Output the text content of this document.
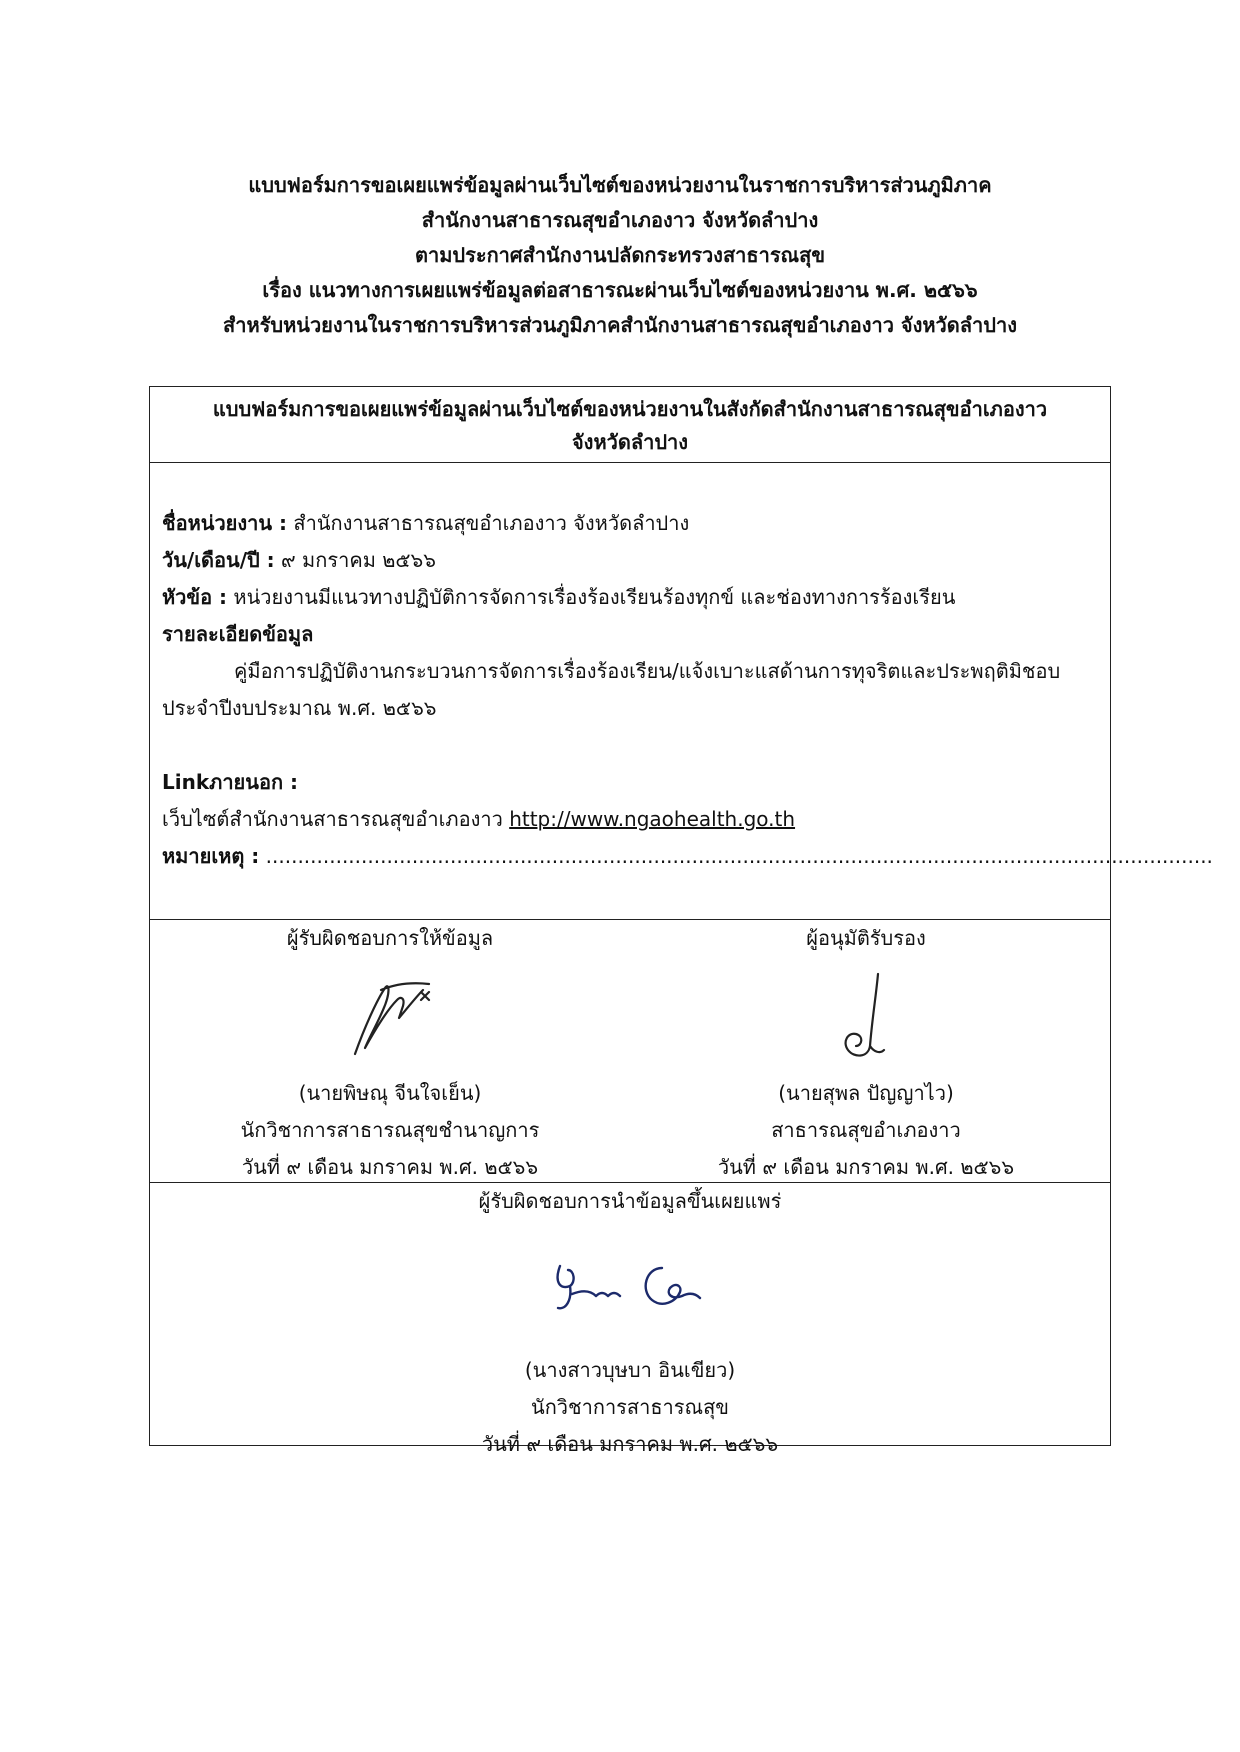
แบบฟอร์มการขอเผยแพร่ข้อมูลผ่านเว็บไซต์ของหน่วยงานในราชการบริหารส่วนภูมิภาค
สำนักงานสาธารณสุขอำเภองาว จังหวัดลำปาง
ตามประกาศสำนักงานปลัดกระทรวงสาธารณสุข
เรื่อง แนวทางการเผยแพร่ข้อมูลต่อสาธารณะผ่านเว็บไซต์ของหน่วยงาน พ.ศ. ๒๕๖๖
สำหรับหน่วยงานในราชการบริหารส่วนภูมิภาคสำนักงานสาธารณสุขอำเภองาว จังหวัดลำปาง
แบบฟอร์มการขอเผยแพร่ข้อมูลผ่านเว็บไซต์ของหน่วยงานในสังกัดสำนักงานสาธารณสุขอำเภองาว
จังหวัดลำปาง
ชื่อหน่วยงาน : สำนักงานสาธารณสุขอำเภองาว จังหวัดลำปาง
วัน/เดือน/ปี : ๙ มกราคม ๒๕๖๖
หัวข้อ : หน่วยงานมีแนวทางปฏิบัติการจัดการเรื่องร้องเรียนร้องทุกข์ และช่องทางการร้องเรียน
รายละเอียดข้อมูล
คู่มือการปฏิบัติงานกระบวนการจัดการเรื่องร้องเรียน/แจ้งเบาะแสด้านการทุจริตและประพฤติมิชอบ
ประจำปีงบประมาณ พ.ศ. ๒๕๖๖
Linkภายนอก :
เว็บไซต์สำนักงานสาธารณสุขอำเภองาว http://www.ngaohealth.go.th
หมายเหตุ : .....................................................................................................................................................
ผู้รับผิดชอบการให้ข้อมูล
(นายพิษณุ จีนใจเย็น)
นักวิชาการสาธารณสุขชำนาญการ
วันที่ ๙ เดือน มกราคม พ.ศ. ๒๕๖๖
ผู้อนุมัติรับรอง
(นายสุพล ปัญญาไว)
สาธารณสุขอำเภองาว
วันที่ ๙ เดือน มกราคม พ.ศ. ๒๕๖๖
ผู้รับผิดชอบการนำข้อมูลขึ้นเผยแพร่
(นางสาวบุษบา อินเขียว)
นักวิชาการสาธารณสุข
วันที่ ๙ เดือน มกราคม พ.ศ. ๒๕๖๖
